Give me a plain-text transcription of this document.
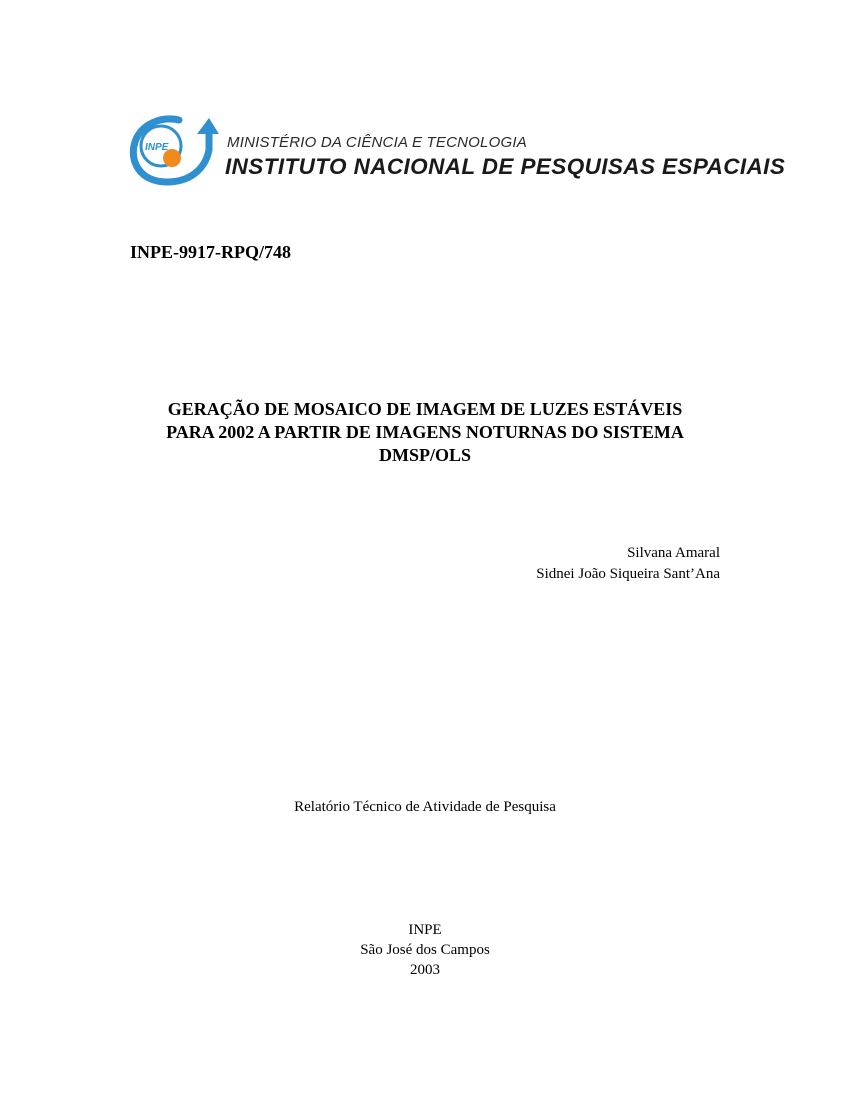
INPE	MINISTÉRIO DA CIÊNCIA E TECNOLOGIA
INSTITUTO NACIONAL DE PESQUISAS ESPACIAIS
INPE-9917-RPQ/748
GERAÇÃO DE MOSAICO DE IMAGEM DE LUZES ESTÁVEIS
PARA 2002 A PARTIR DE IMAGENS NOTURNAS DO SISTEMA
DMSP/OLS
Silvana Amaral
Sidnei João Siqueira Sant’Ana
Relatório Técnico de Atividade de Pesquisa
INPE
São José dos Campos
2003
